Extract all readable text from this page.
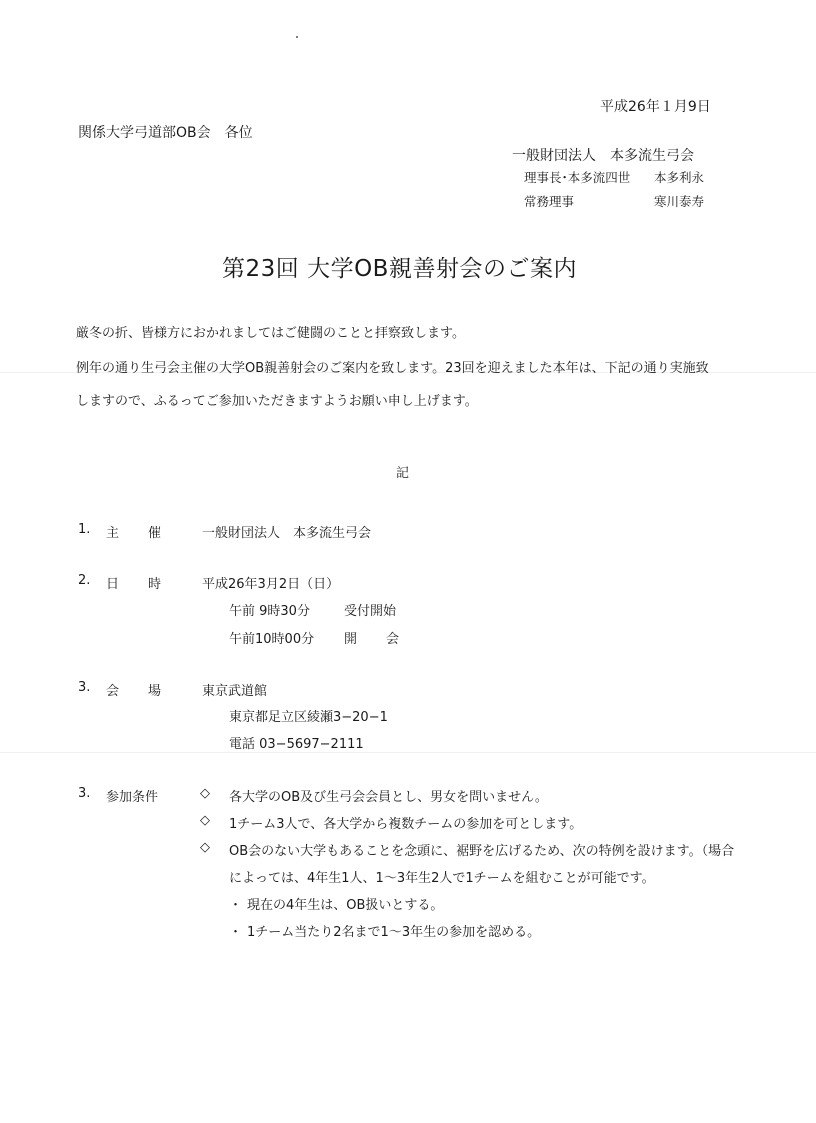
平成26年１月9日
関係大学弓道部OB会　各位
一般財団法人　本多流生弓会
理事長･本多流四世 本多利永
常務理事	寒川泰寿
第23回 大学OB親善射会のご案内
厳冬の折、皆様方におかれましてはご健闘のことと拝察致します。
例年の通り生弓会主催の大学OB親善射会のご案内を致します。23回を迎えました本年は、下記の通り実施致
しますので、ふるってご参加いただきますようお願い申し上げます。
記
1. 主 催	一般財団法人　本多流生弓会
2. 日 時	平成26年3月2日（日）
午前 9時30分	受付開始
午前10時00分 開 会
3. 会 場	東京武道館
東京都足立区綾瀬3−20−1
電話 03−5697−2111
3. 参加条件	◇ 各大学のOB及び生弓会会員とし、男女を問いません。
◇ 1チーム3人で、各大学から複数チームの参加を可とします。
◇ OB会のない大学もあることを念頭に、裾野を広げるため、次の特例を設けます。（場合
によっては、4年生1人、1～3年生2人で1チームを組むことが可能です。
・ 現在の4年生は、OB扱いとする。
・ 1チーム当たり2名まで1～3年生の参加を認める。
